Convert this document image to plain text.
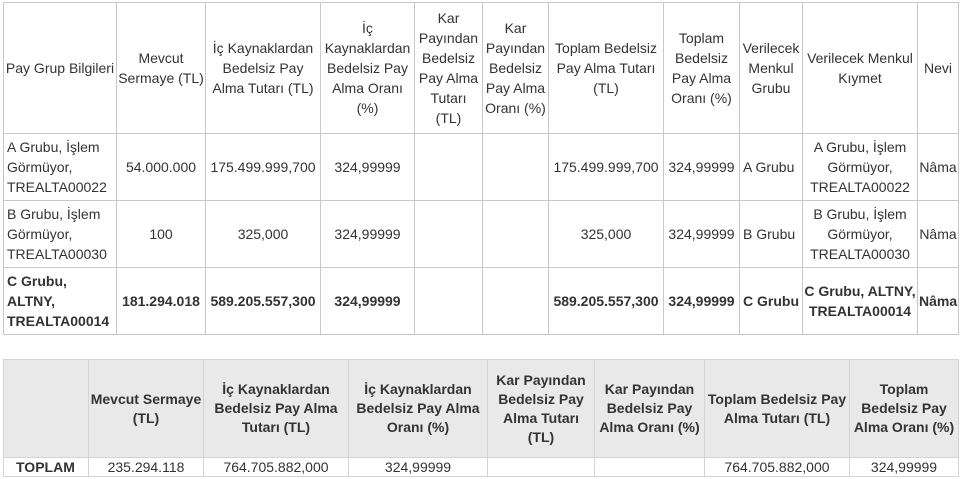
Pay Grup Bilgileri	Mevcut Sermaye (TL)	İç Kaynaklardan Bedelsiz Pay Alma Tutarı (TL)	İç Kaynaklardan Bedelsiz Pay Alma Oranı (%)	Kar Payından Bedelsiz Pay Alma Tutarı (TL)	Kar Payından Bedelsiz Pay Alma Oranı (%)	Toplam Bedelsiz Pay Alma Tutarı (TL)	Toplam Bedelsiz Pay Alma Oranı (%)	Verilecek Menkul Grubu	Verilecek Menkul Kıymet	Nevi
A Grubu, İşlem Görmüyor, TREALTA00022	54.000.000	175.499.999,700	324,99999			175.499.999,700	324,99999	A Grubu	A Grubu, İşlem Görmüyor, TREALTA00022	Nâma
B Grubu, İşlem Görmüyor, TREALTA00030	100	325,000	324,99999			325,000	324,99999	B Grubu	B Grubu, İşlem Görmüyor, TREALTA00030	Nâma
C Grubu, ALTNY, TREALTA00014	181.294.018	589.205.557,300	324,99999			589.205.557,300	324,99999	C Grubu	C Grubu, ALTNY, TREALTA00014	Nâma
	Mevcut Sermaye (TL)	İç Kaynaklardan Bedelsiz Pay Alma Tutarı (TL)	İç Kaynaklardan Bedelsiz Pay Alma Oranı (%)	Kar Payından Bedelsiz Pay Alma Tutarı (TL)	Kar Payından Bedelsiz Pay Alma Oranı (%)	Toplam Bedelsiz Pay Alma Tutarı (TL)	Toplam Bedelsiz Pay Alma Oranı (%)
TOPLAM	235.294.118	764.705.882,000	324,99999			764.705.882,000	324,99999
